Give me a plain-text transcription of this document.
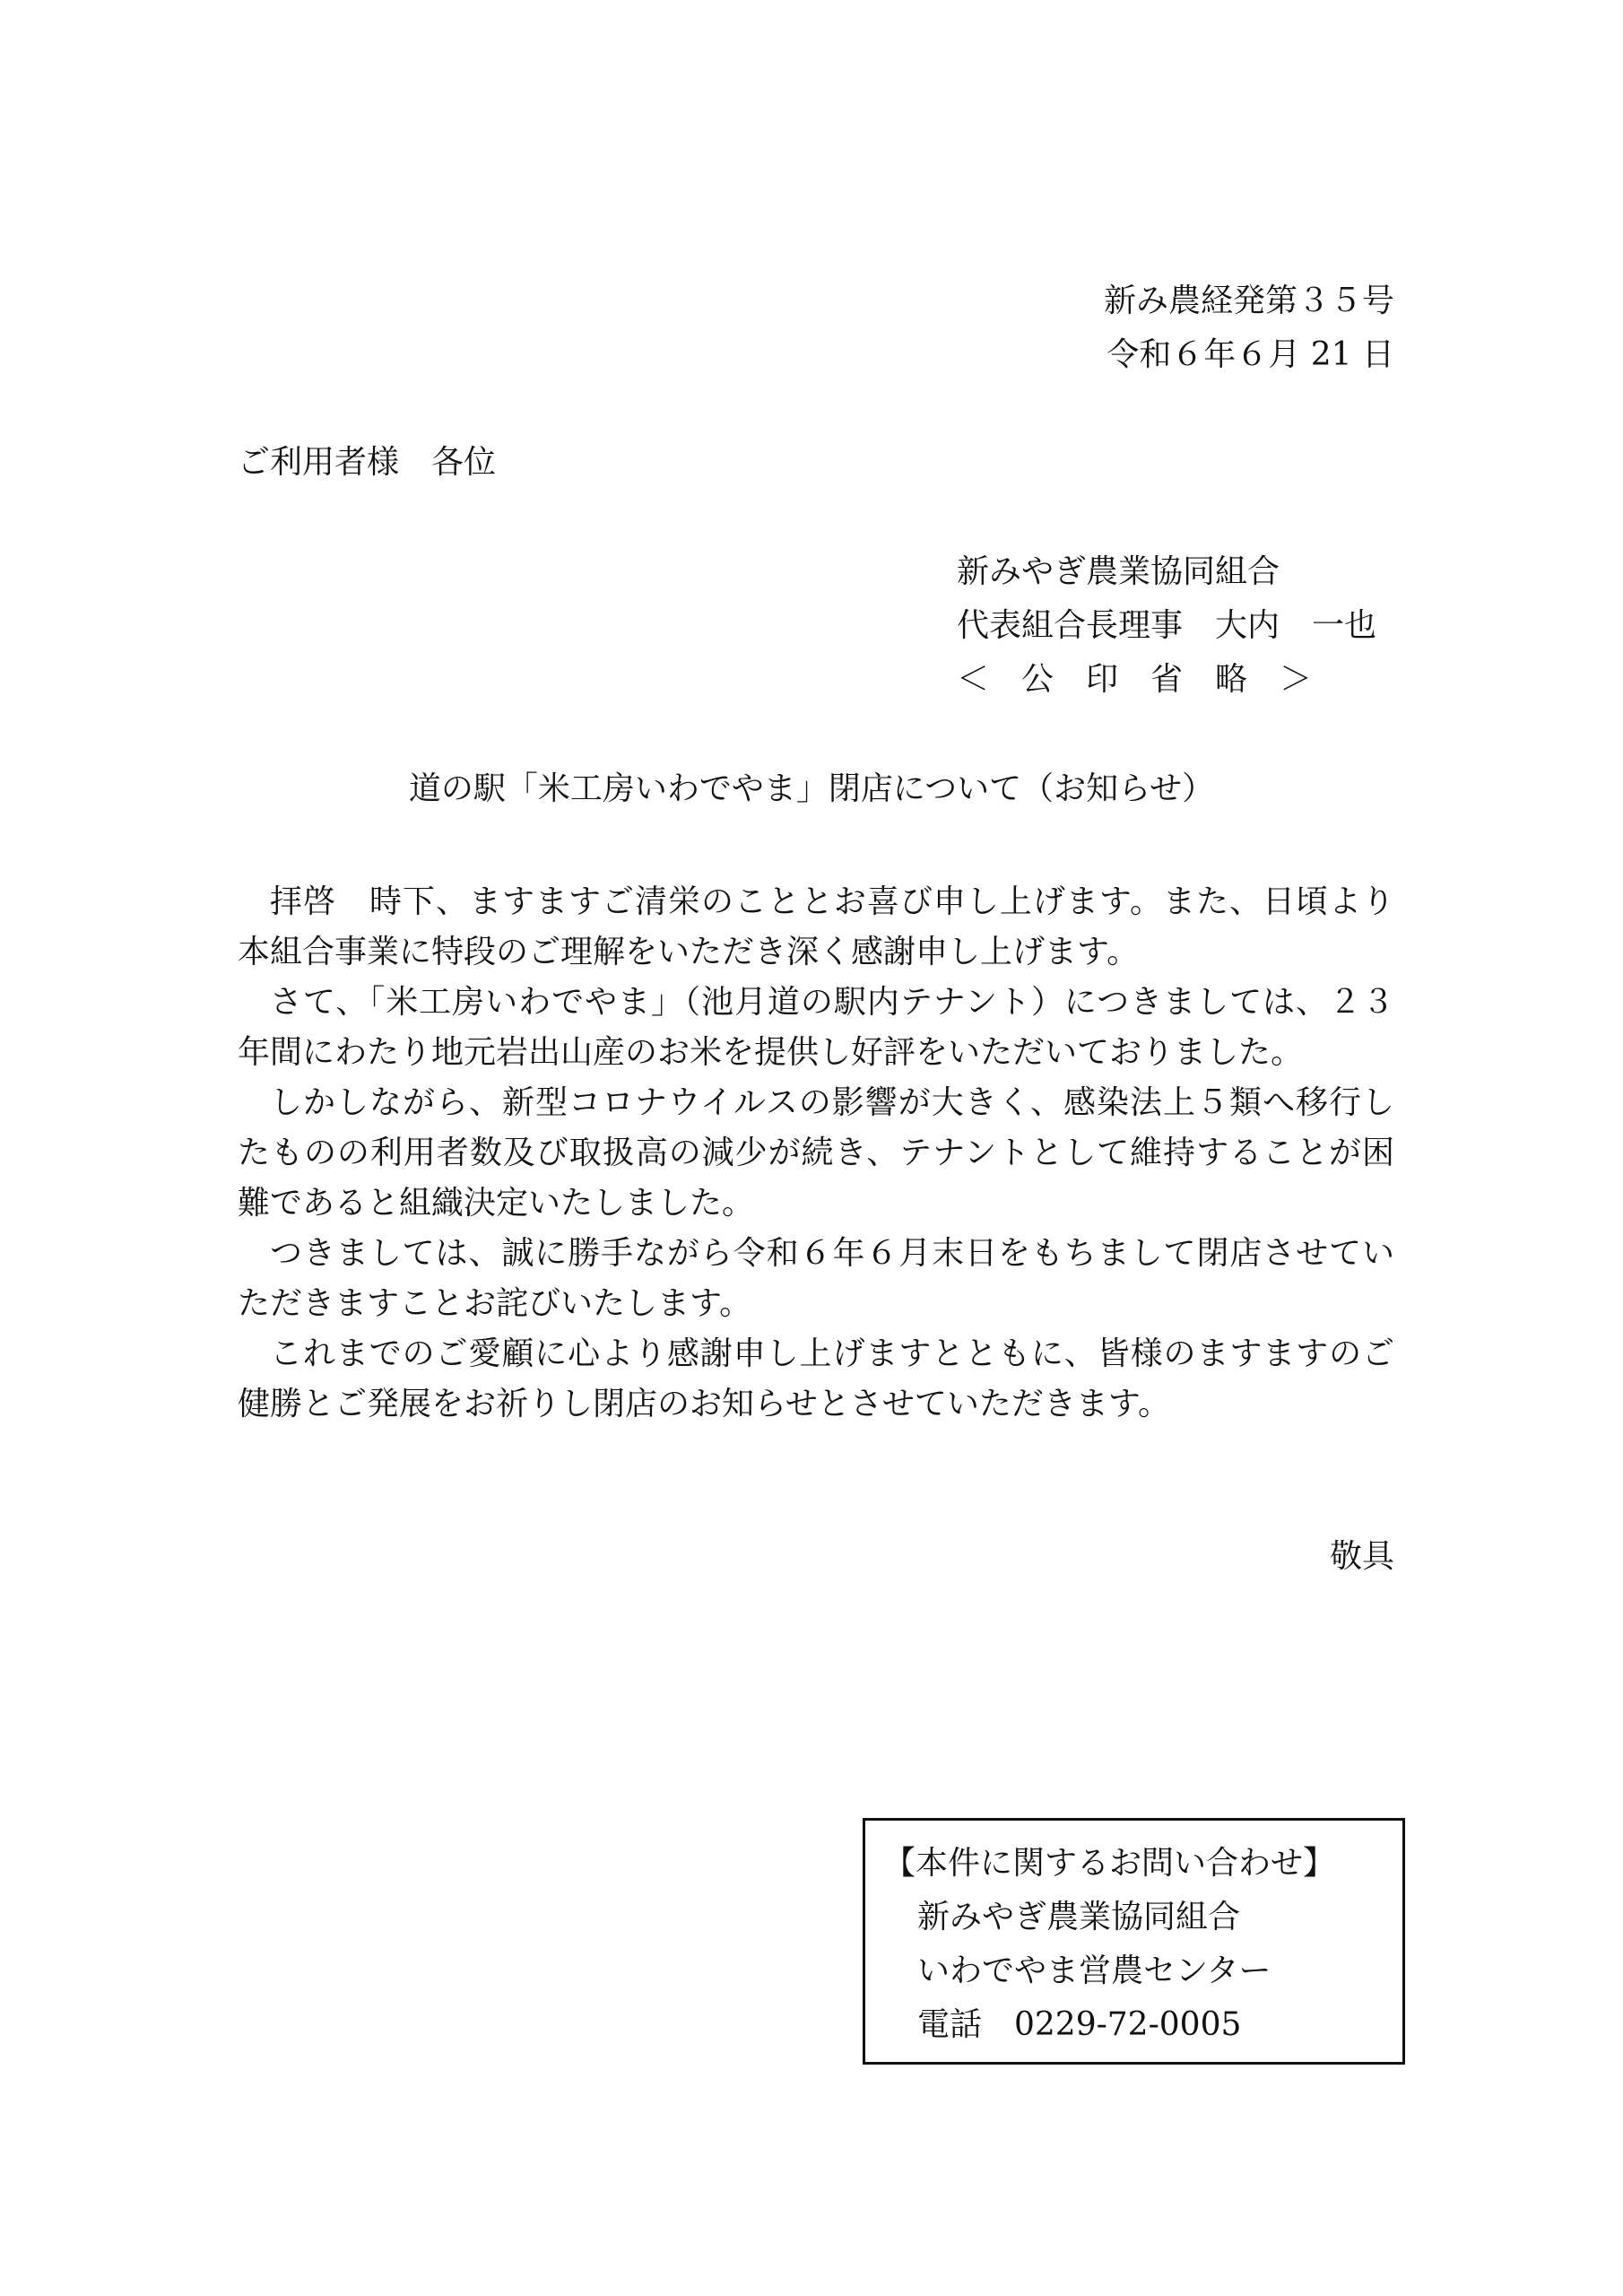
新み農経発第３５号
令和６年６月 21 日
ご利用者様　各位
新みやぎ農業協同組合
代表組合長理事　大内　一也
＜　公　印　省　略　＞
道の駅「米工房いわでやま」閉店について（お知らせ）

拝啓　時下、ますますご清栄のこととお喜び申し上げます。また、日頃より本組合事業に特段のご理解をいただき深く感謝申し上げます。

さて、「米工房いわでやま」（池月道の駅内テナント）につきましては、２３年間にわたり地元岩出山産のお米を提供し好評をいただいておりました。

しかしながら、新型コロナウイルスの影響が大きく、感染法上５類へ移行したものの利用者数及び取扱高の減少が続き、テナントとして維持することが困難であると組織決定いたしました。

つきましては、誠に勝手ながら令和６年６月末日をもちまして閉店させていただきますことお詫びいたします。

これまでのご愛顧に心より感謝申し上げますとともに、皆様のますますのご健勝とご発展をお祈りし閉店のお知らせとさせていただきます。

敬具
【本件に関するお問い合わせ】
新みやぎ農業協同組合
いわでやま営農センター
電話　0229-72-0005
